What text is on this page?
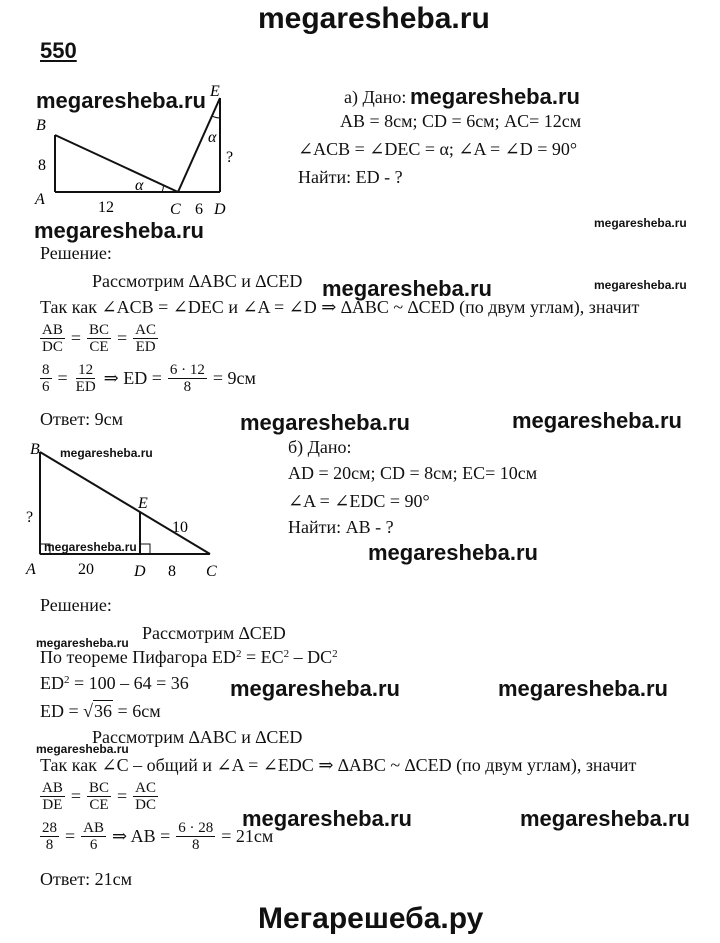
megaresheba.ru
550
megaresheba.ru	megaresheba.ru
megaresheba.ru	megaresheba.ru
megaresheba.ru	megaresheba.ru
megaresheba.ru	megaresheba.ru
megaresheba.ru
megaresheba.ru	megaresheba.ru
megaresheba.ru
megaresheba.ru	megaresheba.ru
megaresheba.ru
megaresheba.ru	megaresheba.ru
B
A
C D
E
8
12	6
?
α
α
а) Дано:
AB = 8см; CD = 6см; AC= 12см
∠ACB = ∠DEC = α; ∠A = ∠D = 90°
Найти: ED - ?
Решение:
Рассмотрим ∆ABC и ∆CED
Так как ∠ACB = ∠DEC и ∠A = ∠D ⇒ ∆ABC ~ ∆CED (по двум углам), значит
$\frac{AB}{DC} = \frac{BC}{CE} = \frac{AC}{ED}$
$\frac{8}{6} = \frac{12}{ED}$ ⇒ ED = $\frac{6 \cdot 12}{8} = 9см$
Ответ: 9см
B
A	D	C
E
?
20	8
10
б) Дано:
AD = 20см; CD = 8см; EC= 10см
∠A = ∠EDC = 90°
Найти: AB - ?
Решение:
Рассмотрим ∆CED
По теореме Пифагора $ED^2 = EC^2 - DC^2$
$ED^2 = 100 - 64 = 36$
ED = √36 = 6см
Рассмотрим ∆ABC и ∆CED
Так как ∠C – общий и ∠A = ∠EDC ⇒ ∆ABC ~ ∆CED (по двум углам), значит
$\frac{AB}{DE} = \frac{BC}{CE} = \frac{AC}{DC}$
$\frac{28}{8} = \frac{AB}{6}$ ⇒ AB = $\frac{6 \cdot 28}{8} = 21см$
Ответ: 21см
Мегарешеба.ру
